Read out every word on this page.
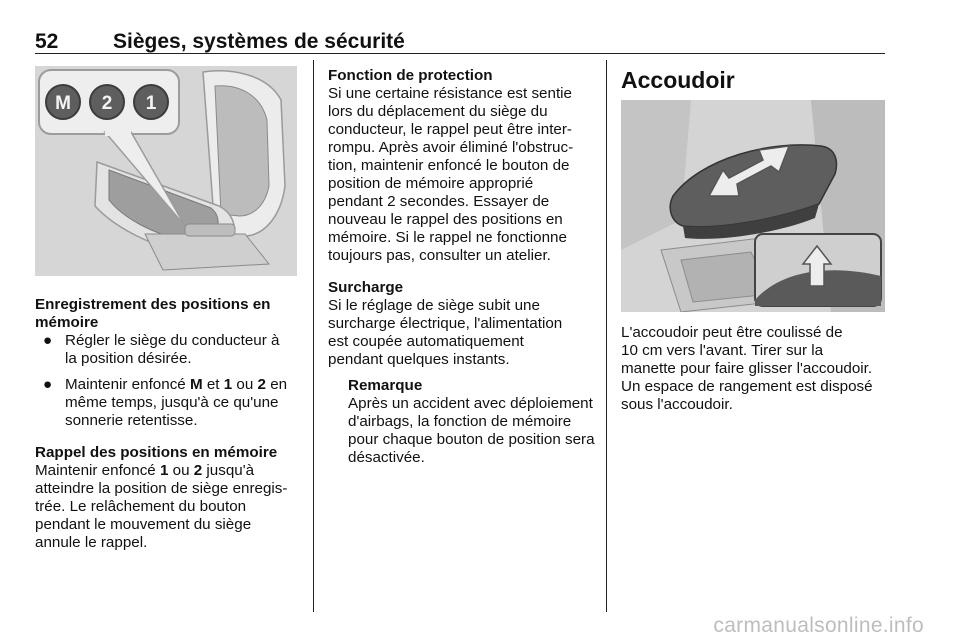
52	Sièges, systèmes de sécurité
M 2 1

Enregistrement des positions en

mémoire

● Régler le siège du conducteur à

la position désirée.

● Maintenir enfoncé M et 1 ou 2 en

même temps, jusqu'à ce qu'une

sonnerie retentisse.

Rappel des positions en mémoire

Maintenir enfoncé 1 ou 2 jusqu'à

atteindre la position de siège enregis-

trée. Le relâchement du bouton

pendant le mouvement du siège

annule le rappel.

Fonction de protection

Si une certaine résistance est sentie

lors du déplacement du siège du

conducteur, le rappel peut être inter-

rompu. Après avoir éliminé l'obstruc-

tion, maintenir enfoncé le bouton de

position de mémoire approprié

pendant 2 secondes. Essayer de

nouveau le rappel des positions en

mémoire. Si le rappel ne fonctionne

toujours pas, consulter un atelier.

Surcharge

Si le réglage de siège subit une

surcharge électrique, l'alimentation

est coupée automatiquement

pendant quelques instants.

Remarque

Après un accident avec déploiement

d'airbags, la fonction de mémoire

pour chaque bouton de position sera

désactivée.

Accoudoir

L'accoudoir peut être coulissé de

10 cm vers l'avant. Tirer sur la

manette pour faire glisser l'accoudoir.

Un espace de rangement est disposé

sous l'accoudoir.

carmanualsonline.info
